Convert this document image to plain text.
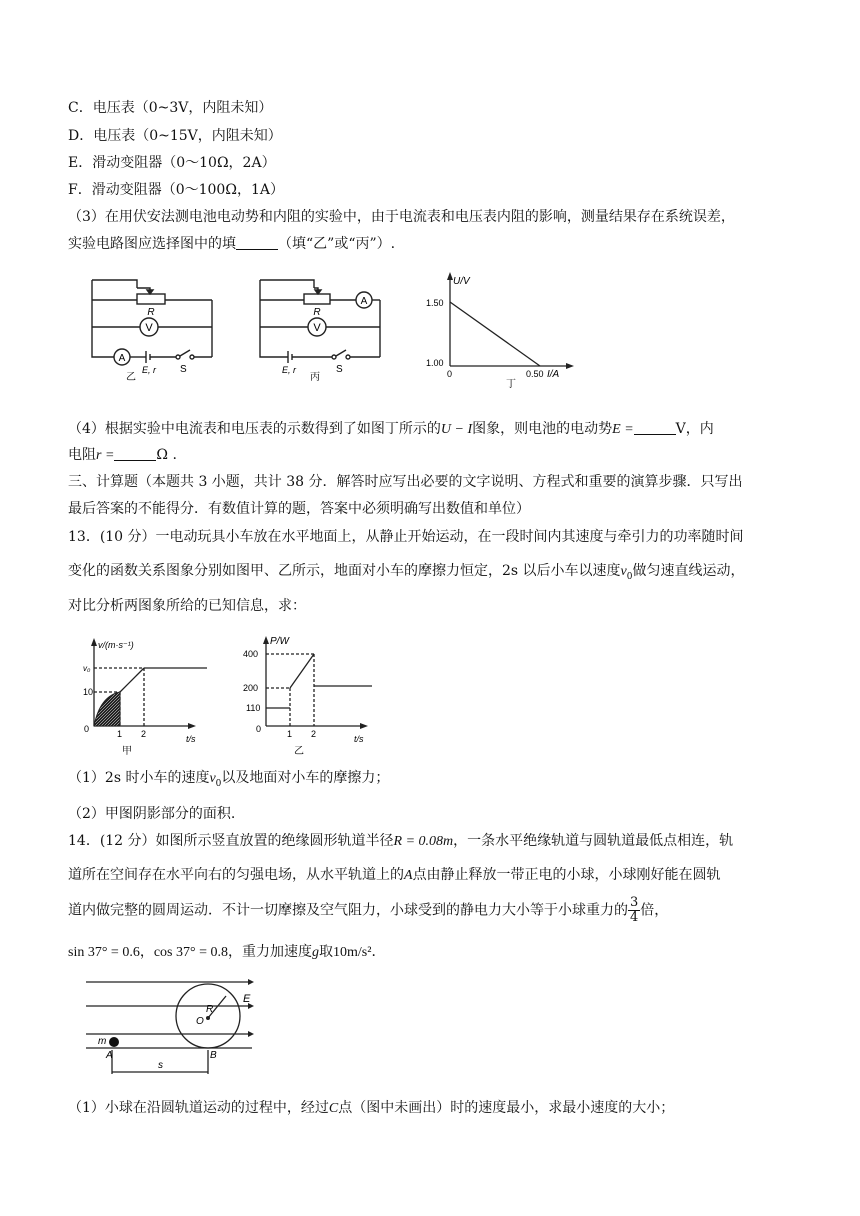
C．电压表（0~3V，内阻未知）
D．电压表（0~15V，内阻未知）
E．滑动变阻器（0～10Ω，2A）
F．滑动变阻器（0～100Ω，1A）
（3）在用伏安法测电池电动势和内阻的实验中，由于电流表和电压表内阻的影响，测量结果存在系统误差，
实验电路图应选择图中的填	（填“乙”或“丙”）.
R
V
A
E, r S
乙
R
V
A
E, r	S
丙
U/V
1.50
1.00
0	0.50 I/A
丁
（4）根据实验中电流表和电压表的示数得到了如图丁所示的U − I图象，则电池的电动势E =	V，内
电阻r =	Ω .
三、计算题（本题共 3 小题，共计 38 分．解答时应写出必要的文字说明、方程式和重要的演算步骤．只写出
最后答案的不能得分．有数值计算的题，答案中必须明确写出数值和单位）
13．(10 分）一电动玩具小车放在水平地面上，从静止开始运动，在一段时间内其速度与牵引力的功率随时间
变化的函数关系图象分别如图甲、乙所示，地面对小车的摩擦力恒定，2s 以后小车以速度$v_0$做匀速直线运动，
对比分析两图象所给的已知信息，求：
v/(m·s⁻¹)
v₀
10
0	1 2	t/s
甲
P/W
400
200
110
0	1 2	t/s
乙
（1）2s 时小车的速度$v_0$以及地面对小车的摩擦力；
（2）甲图阴影部分的面积.
14．(12 分）如图所示竖直放置的绝缘圆形轨道半径R = 0.08m，一条水平绝缘轨道与圆轨道最低点相连，轨
道所在空间存在水平向右的匀强电场，从水平轨道上的A点由静止释放一带正电的小球，小球刚好能在圆轨
道内做完整的圆周运动．不计一切摩擦及空气阻力，小球受到的静电力大小等于小球重力的 $\frac{3}{4}$ 倍，
sin 37° = 0.6，cos 37° = 0.8，重力加速度g取10m/s²．
E
R
O
m
A	B
s
（1）小球在沿圆轨道运动的过程中，经过C点（图中未画出）时的速度最小，求最小速度的大小；
